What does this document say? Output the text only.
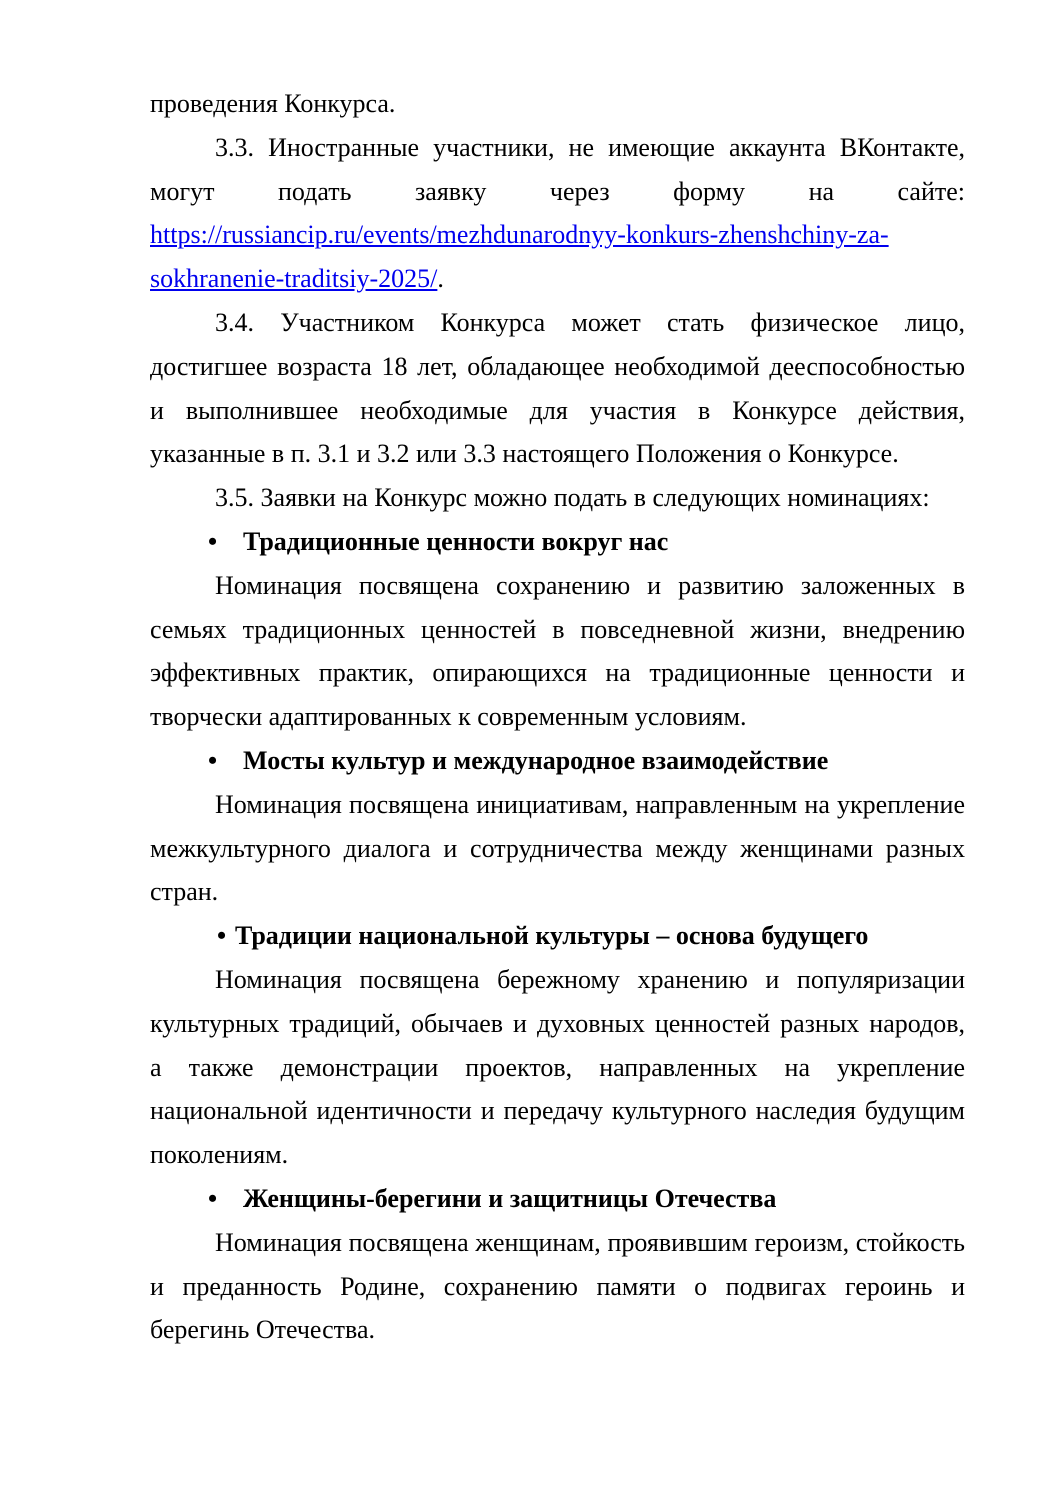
проведения Конкурса.

3.3. Иностранные участники, не имеющие аккаунта ВКонтакте, могут подать заявку через форму на сайте: https://russiancip.ru/events/mezhdunarodnyy-konkurs-zhenshchiny-za-sokhranenie-traditsiy-2025/.

3.4. Участником Конкурса может стать физическое лицо, достигшее возраста 18 лет, обладающее необходимой дееспособностью и выполнившее необходимые для участия в Конкурсе действия, указанные в п. 3.1 и 3.2 или 3.3 настоящего Положения о Конкурсе.

3.5. Заявки на Конкурс можно подать в следующих номинациях:

• Традиционные ценности вокруг нас

Номинация посвящена сохранению и развитию заложенных в семьях традиционных ценностей в повседневной жизни, внедрению эффективных практик, опирающихся на традиционные ценности и творчески адаптированных к современным условиям.

• Мосты культур и международное взаимодействие

Номинация посвящена инициативам, направленным на укрепление межкультурного диалога и сотрудничества между женщинами разных стран.

• Традиции национальной культуры – основа будущего

Номинация посвящена бережному хранению и популяризации культурных традиций, обычаев и духовных ценностей разных народов, а также демонстрации проектов, направленных на укрепление национальной идентичности и передачу культурного наследия будущим поколениям.

• Женщины-берегини и защитницы Отечества

Номинация посвящена женщинам, проявившим героизм, стойкость и преданность Родине, сохранению памяти о подвигах героинь и берегинь Отечества.
